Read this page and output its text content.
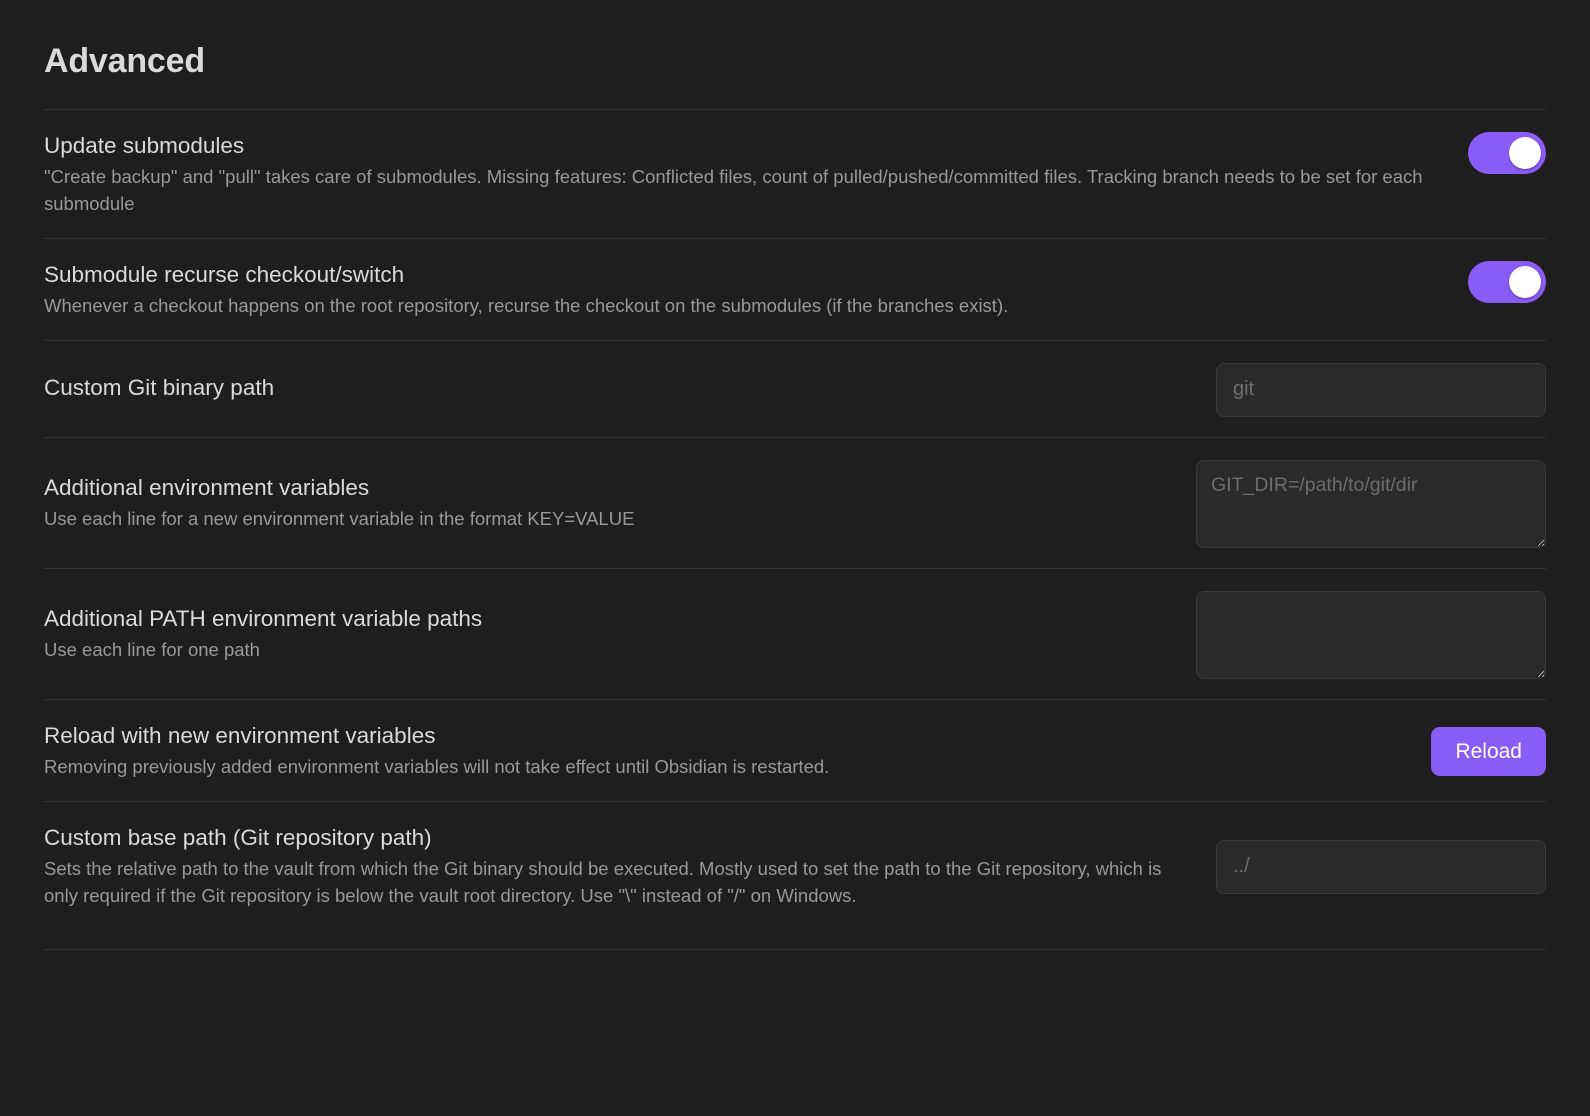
Advanced
Update submodules
"Create backup" and "pull" takes care of submodules. Missing features: Conflicted files, count of pulled/pushed/committed files. Tracking branch needs to be set for each submodule
Submodule recurse checkout/switch
Whenever a checkout happens on the root repository, recurse the checkout on the submodules (if the branches exist).
Custom Git binary path
git
Additional environment variables
Use each line for a new environment variable in the format KEY=VALUE
GIT_DIR=/path/to/git/dir
Additional PATH environment variable paths
Use each line for one path
Reload with new environment variables
Removing previously added environment variables will not take effect until Obsidian is restarted.
Reload
Custom base path (Git repository path)
Sets the relative path to the vault from which the Git binary should be executed. Mostly used to set the path to the Git repository, which is only required if the Git repository is below the vault root directory. Use "\" instead of "/" on Windows.
../
